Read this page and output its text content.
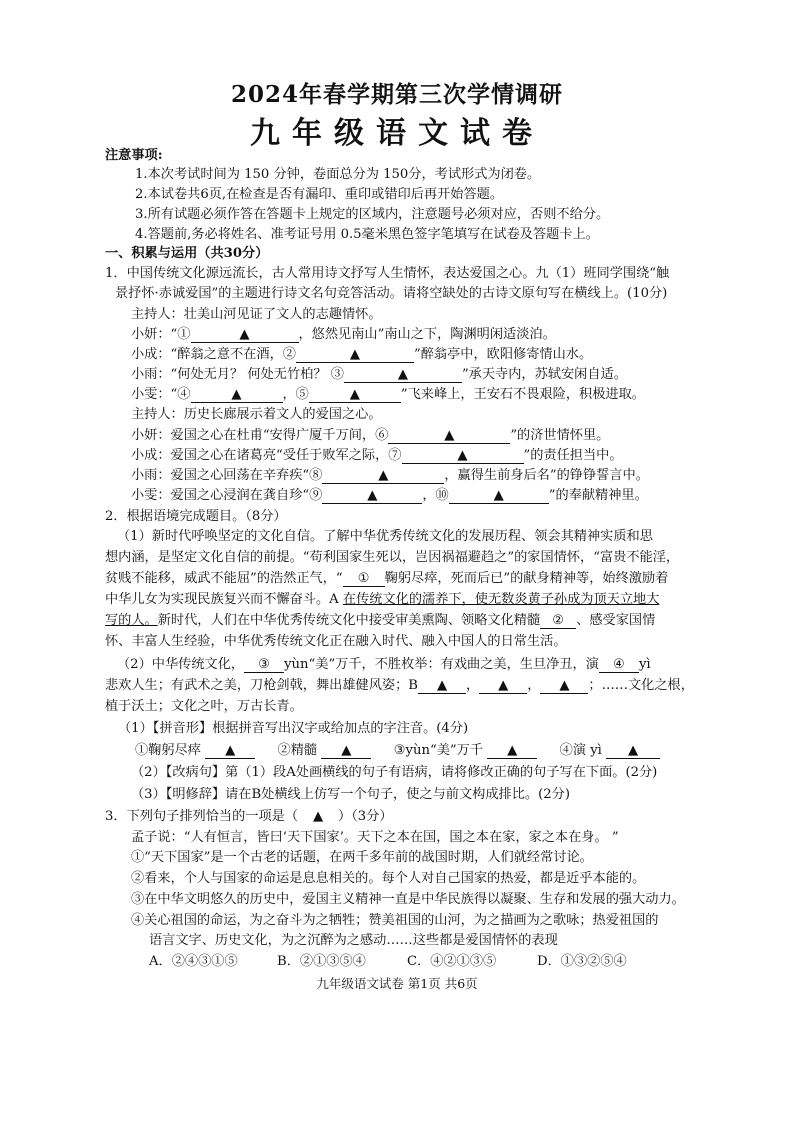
2024年春学期第三次学情调研
九年级语文试卷
注意事项:
1.本次考试时间为 150 分钟，卷面总分为 150分，考试形式为闭卷。
2.本试卷共6页,在检查是否有漏印、重印或错印后再开始答题。
3.所有试题必须作答在答题卡上规定的区域内，注意题号必须对应，否则不给分。
4.答题前,务必将姓名、准考证号用 0.5毫米黑色签字笔填写在试卷及答题卡上。
一、积累与运用（共30分）
1．中国传统文化源远流长，古人常用诗文抒写人生情怀，表达爱国之心。九（1）班同学围绕“触
景抒怀·赤诚爱国”的主题进行诗文名句竞答活动。请将空缺处的古诗文原句写在横线上。(10分)
主持人：壮美山河见证了文人的志趣情怀。
小妍：“①	▲	，悠然见南山”南山之下，陶渊明闲适淡泊。
小成：“醉翁之意不在酒，②	▲	”醉翁亭中，欧阳修寄情山水。
小雨：“何处无月？ 何处无竹柏？ ③	▲	”承天寺内，苏轼安闲自适。
小雯：“④	▲	，⑤	▲	”飞来峰上，王安石不畏艰险，积极进取。
主持人：历史长廊展示着文人的爱国之心。
小妍：爱国之心在杜甫“安得广厦千万间，⑥	▲	”的济世情怀里。
小成：爱国之心在诸葛亮“受任于败军之际，⑦	▲	”的责任担当中。
小雨：爱国之心回荡在辛弃疾“⑧	▲	，赢得生前身后名”的铮铮誓言中。
小雯：爱国之心浸润在龚自珍“⑨	▲	，⑩	▲	”的奉献精神里。
2．根据语境完成题目。（8分）
（1）新时代呼唤坚定的文化自信。了解中华优秀传统文化的发展历程、领会其精神实质和思
想内涵，是坚定文化自信的前提。“苟利国家生死以，岂因祸福避趋之”的家国情怀，“富贵不能淫，
贫贱不能移，威武不能屈”的浩然正气，“ ① 鞠躬尽瘁，死而后已”的献身精神等，始终激励着
中华儿女为实现民族复兴而不懈奋斗。A 在传统文化的濡养下，使无数炎黄子孙成为顶天立地大
写的人。新时代，人们在中华优秀传统文化中接受审美熏陶、领略文化精髓 ② 、感受家国情
怀、丰富人生经验，中华优秀传统文化正在融入时代、融入中国人的日常生活。
（2）中华传统文化， ③ yùn“美”万千，不胜枚举：有戏曲之美，生旦净丑，演 ④ yì
悲欢人生；有武术之美，刀枪剑戟，舞出雄健风姿；B ▲ ， ▲ ， ▲ ；……文化之根，
植于沃土；文化之叶，万古长青。
（1）【拼音形】根据拼音写出汉字或给加点的字注音。(4分)
①鞠躬尽瘁 ▲	②精髓 ▲	③yùn“美”万千 ▲	④演 yì ▲
（2）【改病句】第（1）段A处画横线的句子有语病，请将修改正确的句子写在下面。(2分)
（3）【明修辞】请在B处横线上仿写一个句子，使之与前文构成排比。(2分)
3．下列句子排列恰当的一项是（ ▲ ）（3分）
孟子说：“人有恒言，皆曰‘天下国家’。天下之本在国，国之本在家，家之本在身。 ”
①“天下国家”是一个古老的话题，在两千多年前的战国时期，人们就经常讨论。
②看来，个人与国家的命运是息息相关的。每个人对自己国家的热爱，都是近乎本能的。
③在中华文明悠久的历史中，爱国主义精神一直是中华民族得以凝聚、生存和发展的强大动力。
④关心祖国的命运，为之奋斗为之牺牲；赞美祖国的山河，为之描画为之歌咏；热爱祖国的
语言文字、历史文化，为之沉醉为之感动……这些都是爱国情怀的表现
A．②④③①⑤	B．②①③⑤④	C．④②①③⑤	D．①③②⑤④
九年级语文试卷 第1页 共6页
